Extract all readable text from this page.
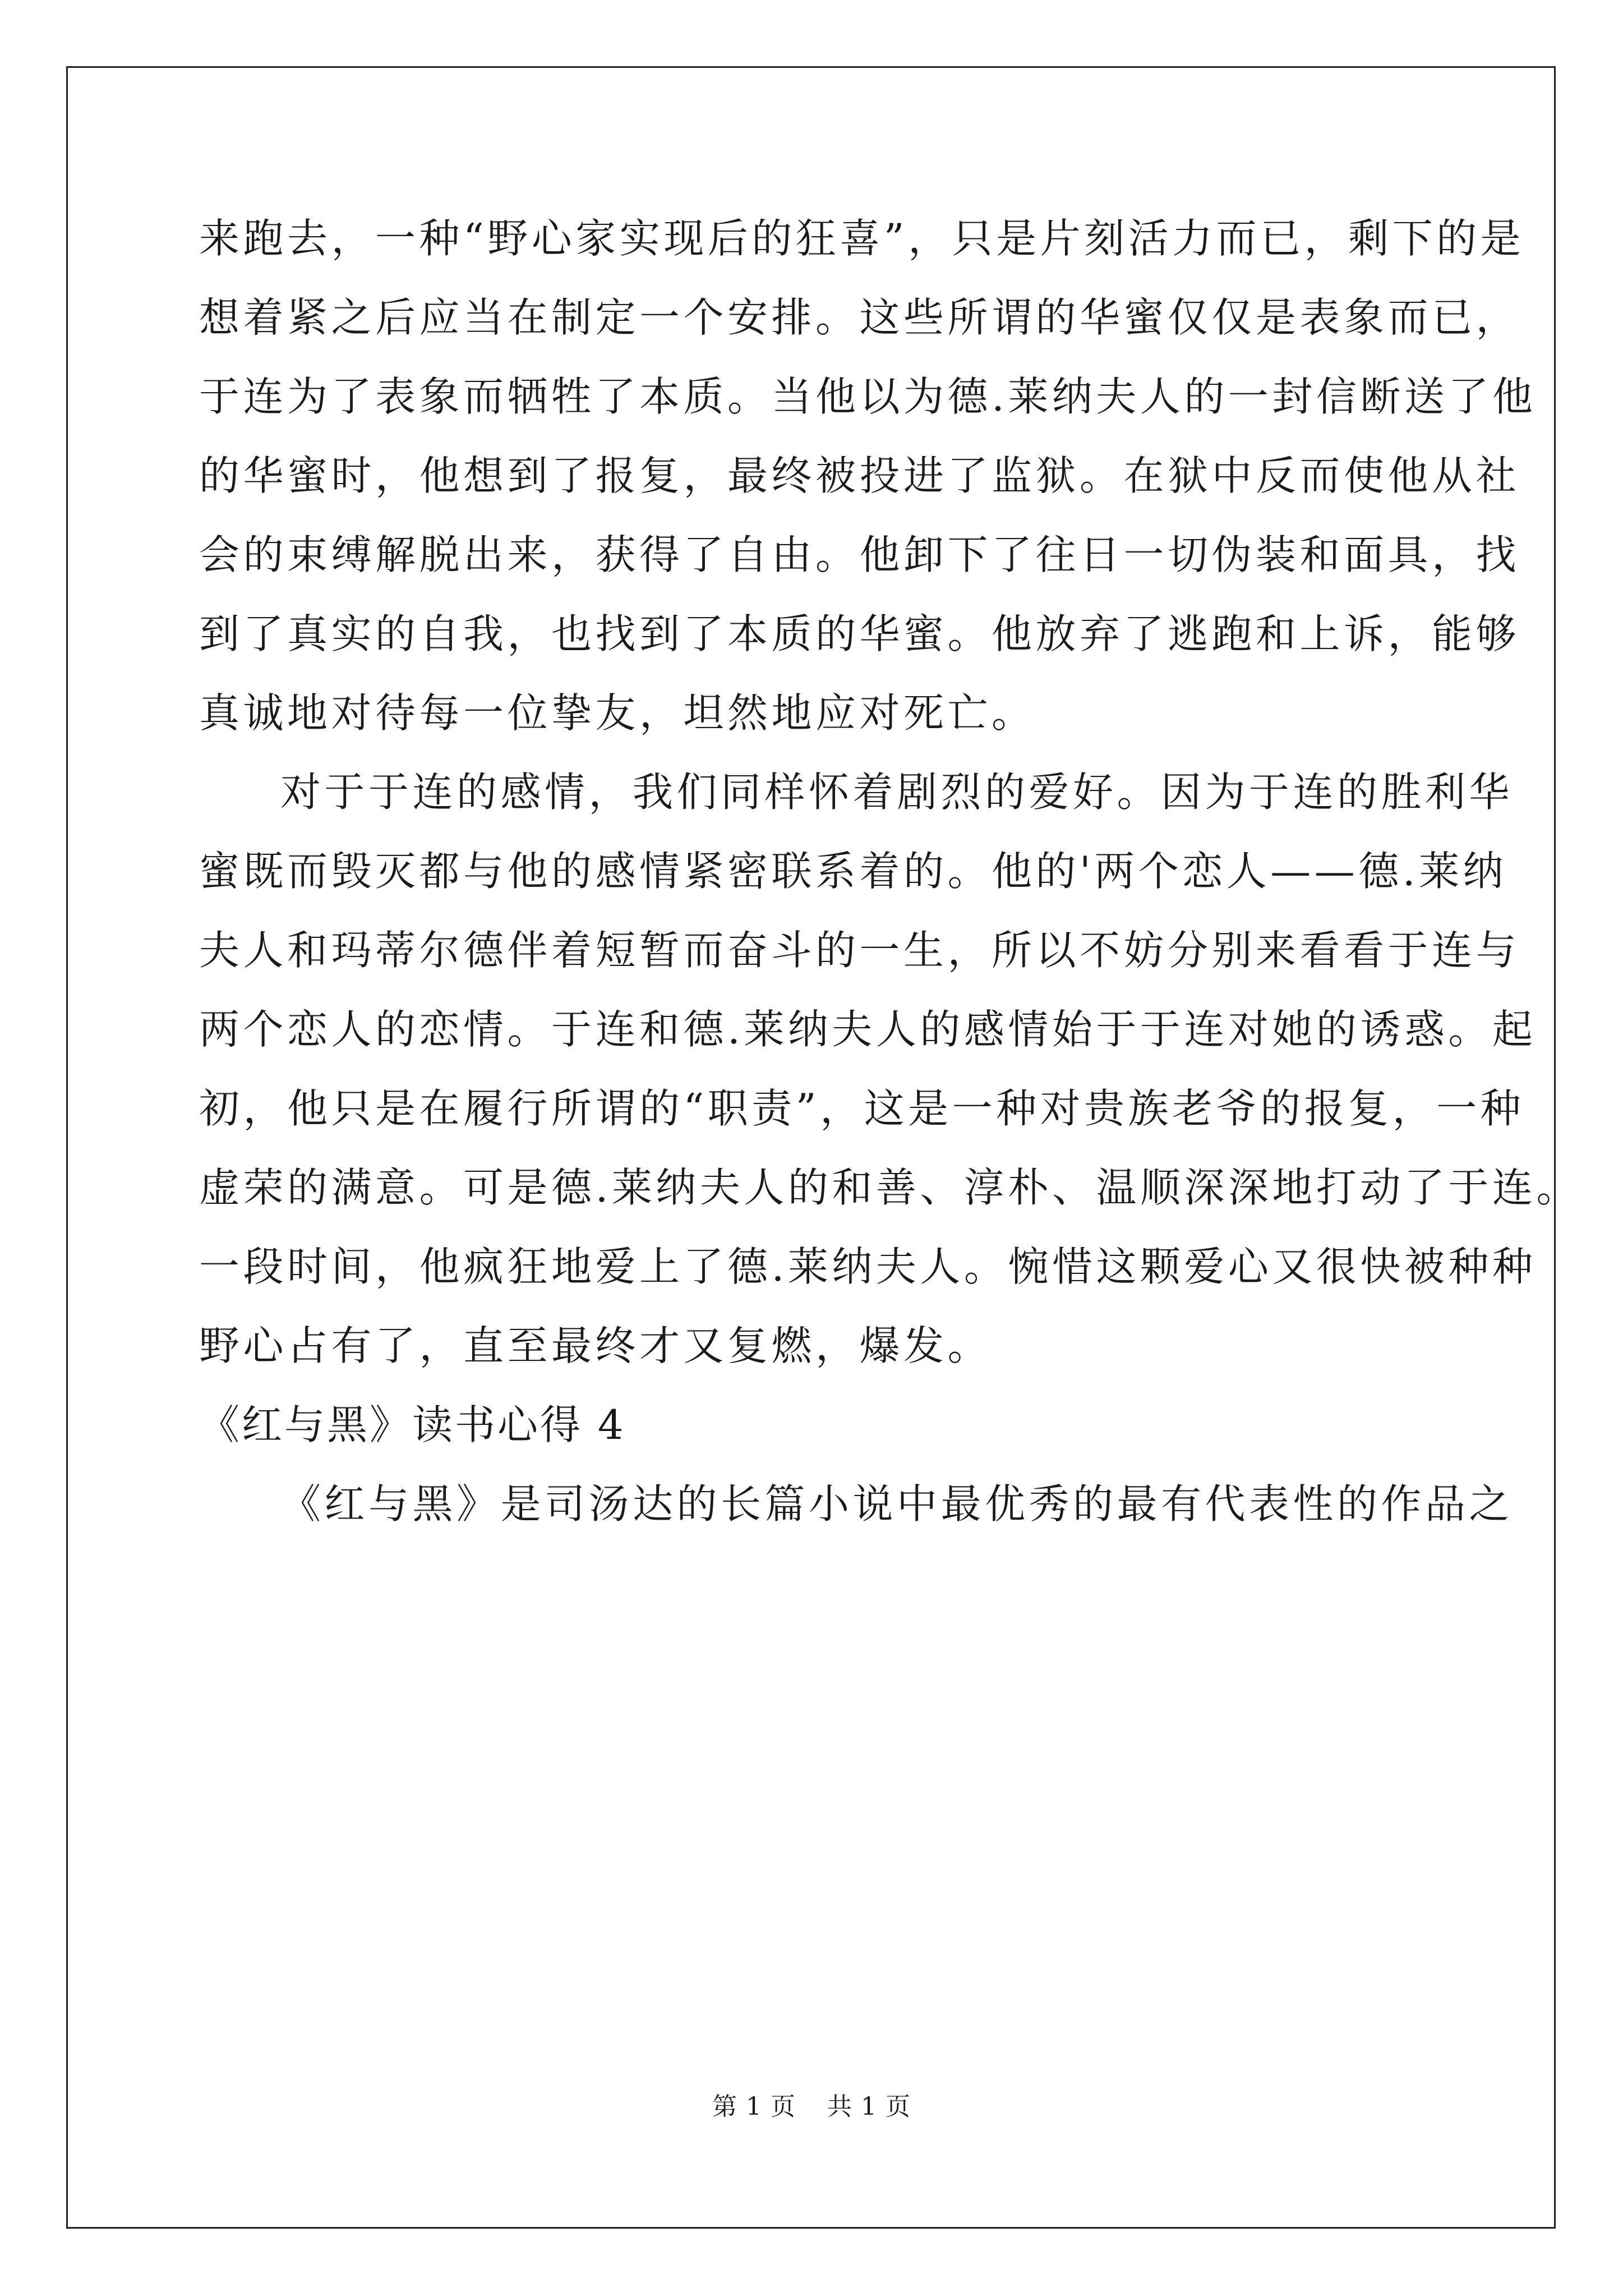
来跑去，一种“野心家实现后的狂喜”，只是片刻活力而已，剩下的是
想着紧之后应当在制定一个安排。这些所谓的华蜜仅仅是表象而已，
于连为了表象而牺牲了本质。当他以为德.莱纳夫人的一封信断送了他
的华蜜时，他想到了报复，最终被投进了监狱。在狱中反而使他从社
会的束缚解脱出来，获得了自由。他卸下了往日一切伪装和面具，找
到了真实的自我，也找到了本质的华蜜。他放弃了逃跑和上诉，能够
真诚地对待每一位挚友，坦然地应对死亡。
对于于连的感情，我们同样怀着剧烈的爱好。因为于连的胜利华
蜜既而毁灭都与他的感情紧密联系着的。他的'两个恋人——德.莱纳
夫人和玛蒂尔德伴着短暂而奋斗的一生，所以不妨分别来看看于连与
两个恋人的恋情。于连和德.莱纳夫人的感情始于于连对她的诱惑。起
初，他只是在履行所谓的“职责”，这是一种对贵族老爷的报复，一种
虚荣的满意。可是德.莱纳夫人的和善、淳朴、温顺深深地打动了于连。
一段时间，他疯狂地爱上了德.莱纳夫人。惋惜这颗爱心又很快被种种
野心占有了，直至最终才又复燃，爆发。
《红与黑》读书心得 4
《红与黑》是司汤达的长篇小说中最优秀的最有代表性的作品之
第 1 页 共 1 页
